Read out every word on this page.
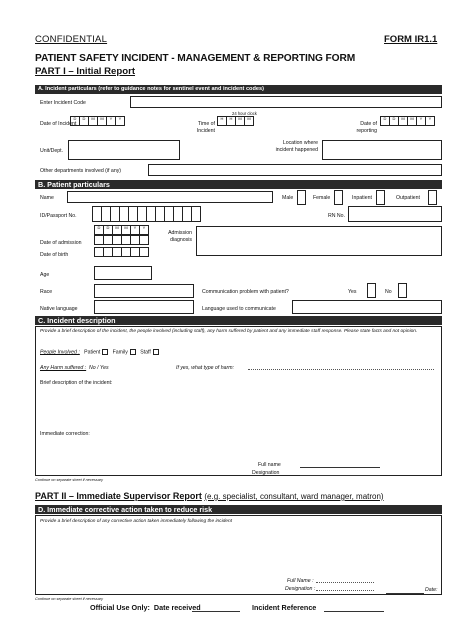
CONFIDENTIAL	FORM IR1.1
PATIENT SAFETY INCIDENT - MANAGEMENT & REPORTING FORM
PART I – Initial Report
A. Incident particulars (refer to guidance notes for sentinel event and incident codes)
Enter Incident Code
Date of Incident
D	D	M	M	Y	Y
24 hour clock
Time of Incident
H	H	M	M
Date of reporting
D	D	M	M	Y	Y
Unit/Dept.
Location where incident happened
Other departments involved (if any)
B. Patient particulars
Name	Male	Female	Inpatient	Outpatient
ID/Passport No.	RN No.
D	D	M	M	Y	Y
Date of admission
Admission diagnosis
Date of birth
Age
Race	Communication problem with patient?	Yes	No
Native language	Language used to communicate
C. Incident description
Provide a brief description of the incident, the people involved (including staff), any harm suffered by patient and any immediate staff response. Please state facts and not opinion.
People Involved : Patient Family Staff
Any Harm suffered : No / Yes	If yes, what type of harm:
Brief description of the incident:
Immediate correction:
Full name
Designation
Continue on separate sheet if necessary
PART II – Immediate Supervisor Report (e.g. specialist, consultant, ward manager, matron)
D. Immediate corrective action taken to reduce risk
Provide a brief description of any corrective action taken immediately following the incident
Full Name :
Designation :	Date:
Continue on separate sheet if necessary
Official Use Only: Date received	Incident Reference
